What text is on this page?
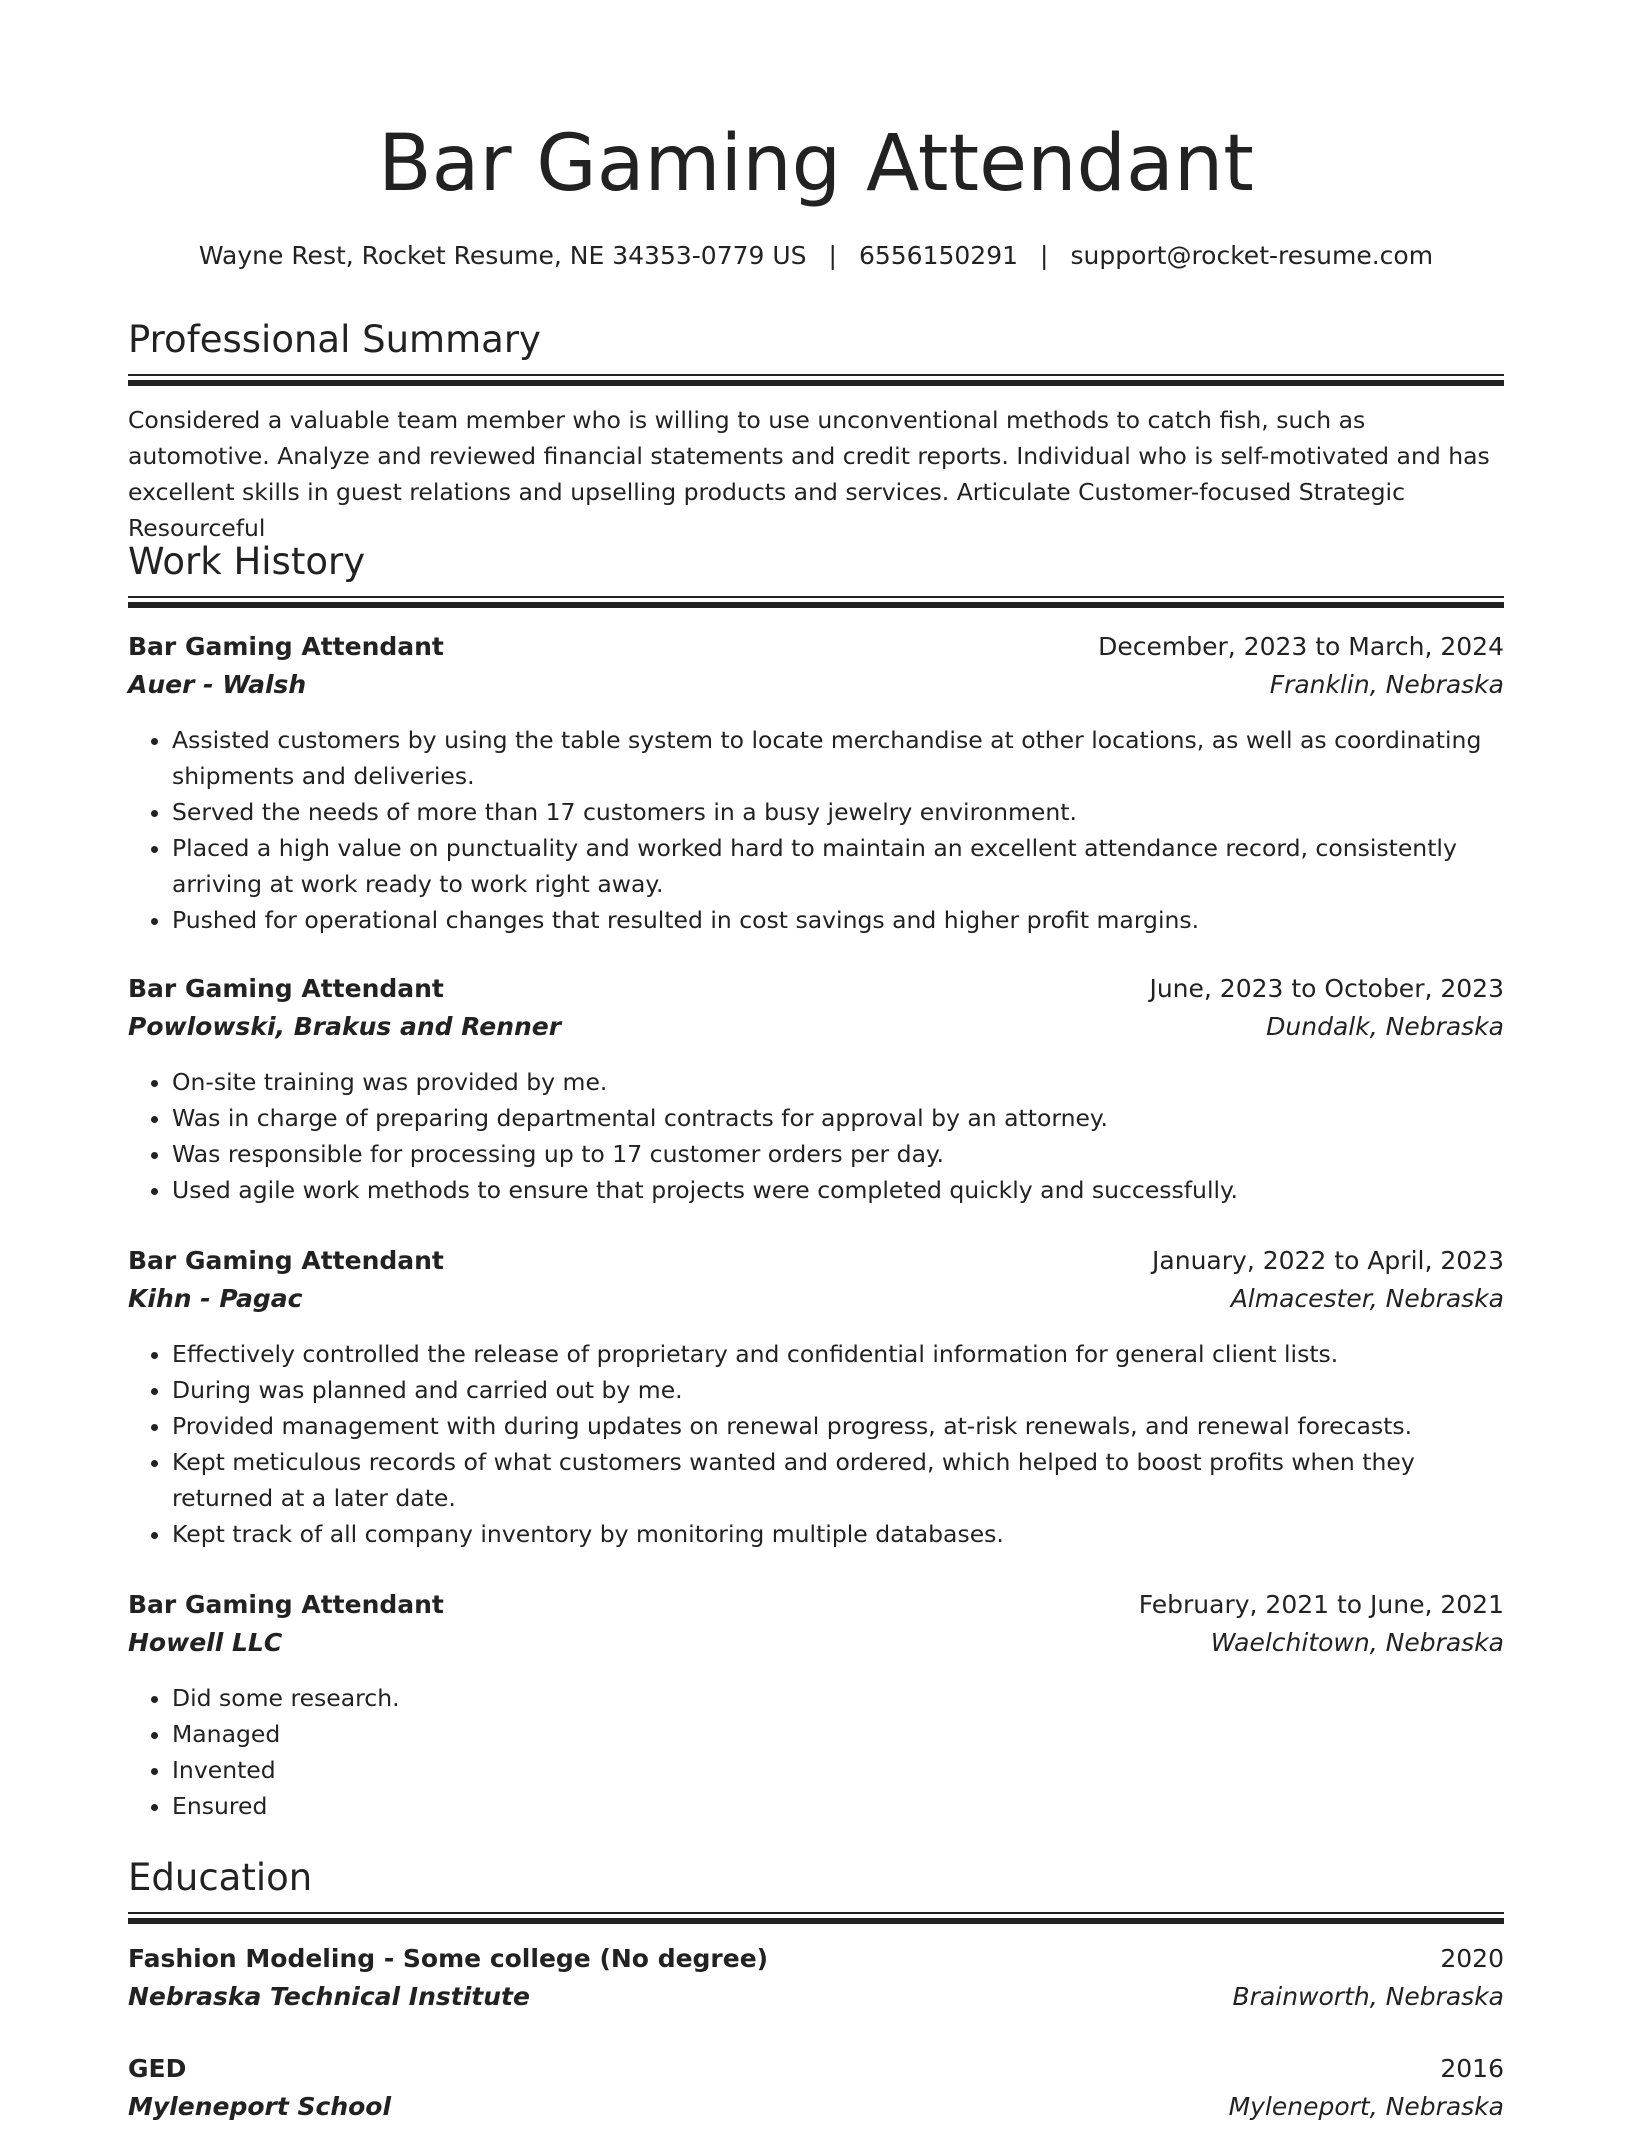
Bar Gaming Attendant
Wayne Rest, Rocket Resume, NE 34353-0779 US | 6556150291 | support@rocket-resume.com
Professional Summary
Considered a valuable team member who is willing to use unconventional methods to catch fish, such as automotive. Analyze and reviewed financial statements and credit reports. Individual who is self-motivated and has excellent skills in guest relations and upselling products and services. Articulate Customer-focused Strategic Resourceful
Work History
Bar Gaming Attendant	December, 2023 to March, 2024
Auer - Walsh	Franklin, Nebraska
• Assisted customers by using the table system to locate merchandise at other locations, as well as coordinating shipments and deliveries.
• Served the needs of more than 17 customers in a busy jewelry environment.
• Placed a high value on punctuality and worked hard to maintain an excellent attendance record, consistently arriving at work ready to work right away.
• Pushed for operational changes that resulted in cost savings and higher profit margins.
Bar Gaming Attendant	June, 2023 to October, 2023
Powlowski, Brakus and Renner	Dundalk, Nebraska
• On-site training was provided by me.
• Was in charge of preparing departmental contracts for approval by an attorney.
• Was responsible for processing up to 17 customer orders per day.
• Used agile work methods to ensure that projects were completed quickly and successfully.
Bar Gaming Attendant	January, 2022 to April, 2023
Kihn - Pagac	Almacester, Nebraska
• Effectively controlled the release of proprietary and confidential information for general client lists.
• During was planned and carried out by me.
• Provided management with during updates on renewal progress, at-risk renewals, and renewal forecasts.
• Kept meticulous records of what customers wanted and ordered, which helped to boost profits when they returned at a later date.
• Kept track of all company inventory by monitoring multiple databases.
Bar Gaming Attendant	February, 2021 to June, 2021
Howell LLC	Waelchitown, Nebraska
• Did some research.
• Managed
• Invented
• Ensured
Education
Fashion Modeling - Some college (No degree)	2020
Nebraska Technical Institute	Brainworth, Nebraska
GED	2016
Myleneport School	Myleneport, Nebraska
